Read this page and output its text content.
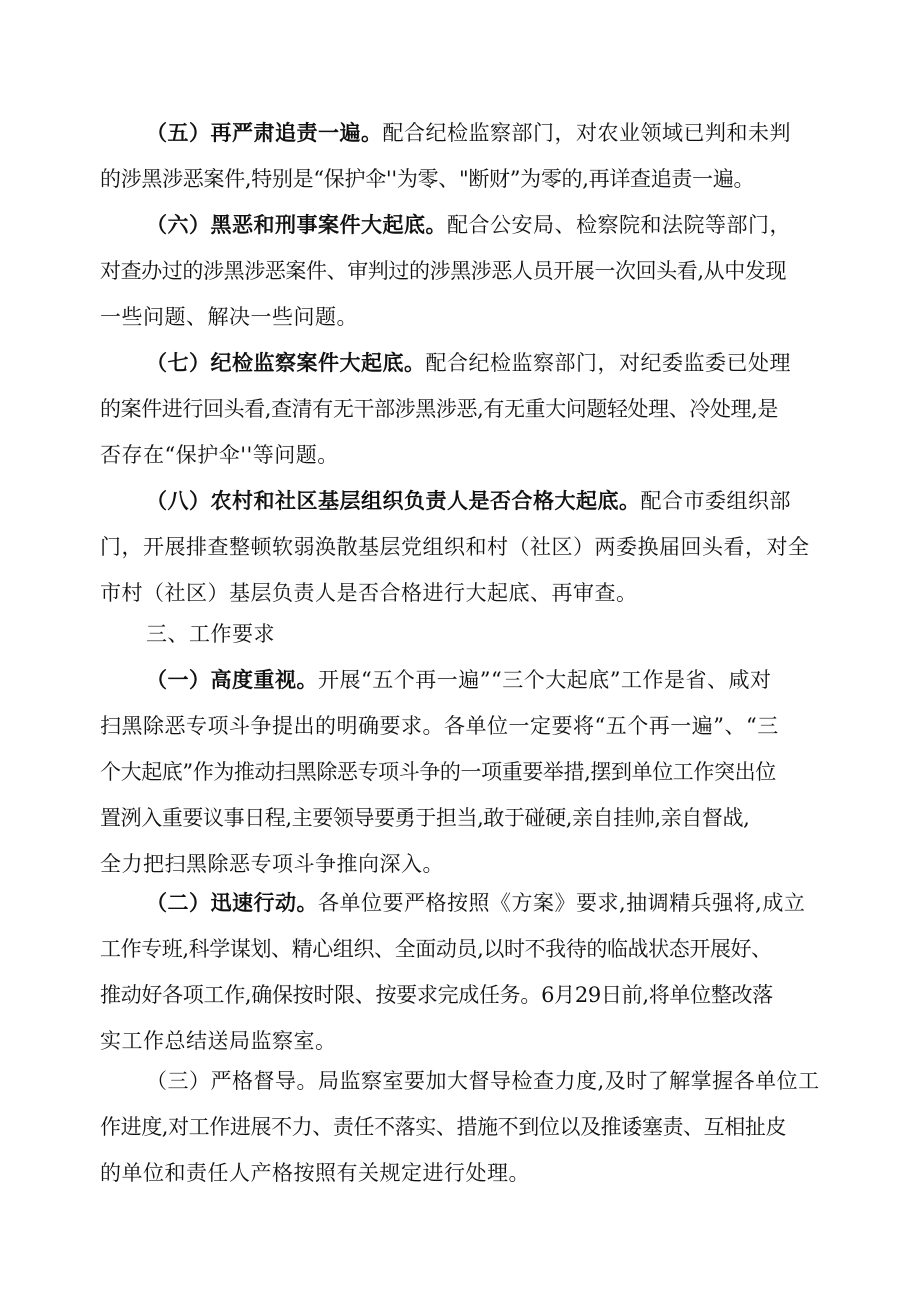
（五）再严肃追责一遍。配合纪检监察部门，对农业领域已判和未判
的涉黑涉恶案件,特别是“保护伞''为零、"断财”为零的,再详查追责一遍。
（六）黑恶和刑事案件大起底。配合公安局、检察院和法院等部门，
对查办过的涉黑涉恶案件、审判过的涉黑涉恶人员开展一次回头看,从中发现
一些问题、解决一些问题。
（七）纪检监察案件大起底。配合纪检监察部门，对纪委监委已处理
的案件进行回头看,查清有无干部涉黑涉恶,有无重大问题轻处理、冷处理,是
否存在“保护伞''等问题。
（八）农村和社区基层组织负责人是否合格大起底。配合市委组织部
门，开展排查整顿软弱涣散基层党组织和村（社区）两委换届回头看，对全
市村（社区）基层负责人是否合格进行大起底、再审查。
三、工作要求
（一）高度重视。开展“五个再一遍”“三个大起底”工作是省、咸对
扫黑除恶专项斗争提出的明确要求。各单位一定要将“五个再一遍”、“三
个大起底”作为推动扫黑除恶专项斗争的一项重要举措,摆到单位工作突出位
置洌入重要议事日程,主要领导要勇于担当,敢于碰硬,亲自挂帅,亲自督战,
全力把扫黑除恶专项斗争推向深入。
（二）迅速行动。各单位要严格按照《方案》要求,抽调精兵强将,成立
工作专班,科学谋划、精心组织、全面动员,以时不我待的临战状态开展好、
推动好各项工作,确保按时限、按要求完成任务。6月29日前,将单位整改落
实工作总结送局监察室。
（三）严格督导。局监察室要加大督导检查力度,及时了解掌握各单位工
作进度,对工作进展不力、责任不落实、措施不到位以及推诿塞责、互相扯皮
的单位和责任人产格按照有关规定进行处理。
